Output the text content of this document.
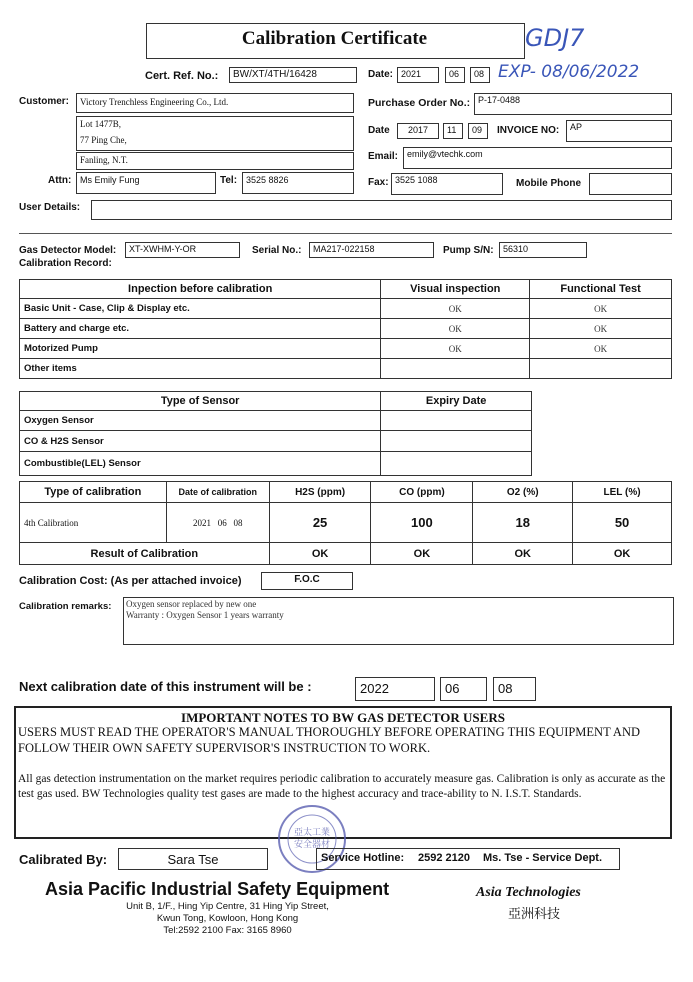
Calibration Certificate	GDJ7
EXP- 08/06/2022
Cert. Ref. No.:	BW/XT/4TH/16428	Date: 2021	06	08
Customer:	Victory Trenchless Engineering Co., Ltd.
Lot 1477B,
77 Ping Che,
Fanling, N.T.
Purchase Order No.: P-17-0488
Date	2017	11	09	INVOICE NO:	AP
Email: emily@vtechk.com
Attn: Ms Emily Fung	Tel: 3525 8826	Fax: 3525 1088	Mobile Phone
User Details:
Gas Detector Model:	XT-XWHM-Y-OR	Serial No.:	MA217-022158	Pump S/N:	56310
Calibration Record:
Inpection before calibration	Visual inspection	Functional Test
Basic Unit - Case, Clip & Display etc.	OK	OK
Battery and charge etc.	OK	OK
Motorized Pump	OK	OK
Other items		
Type of Sensor	Expiry Date
Oxygen Sensor	
CO & H2S Sensor	
Combustible(LEL) Sensor	
Type of calibration	Date of calibration	H2S (ppm)	CO (ppm)	O2 (%)	LEL (%)
4th Calibration	2021   06   08	25	100	18	50
Result of Calibration		OK	OK	OK	OK
Calibration Cost: (As per attached invoice)	F.O.C
Calibration remarks: Oxygen sensor replaced by new one
Warranty : Oxygen Sensor 1 years warranty
Next calibration date of this instrument will be :	2022	06	08
IMPORTANT NOTES TO BW GAS DETECTOR USERS
USERS MUST READ THE OPERATOR'S MANUAL THOROUGHLY BEFORE OPERATING THIS EQUIPMENT AND FOLLOW THEIR OWN SAFETY SUPERVISOR'S INSTRUCTION TO WORK.
All gas detection instrumentation on the market requires periodic calibration to accurately measure gas. Calibration is only as accurate as the test gas used. BW Technologies quality test gases are made to the highest accuracy and trace-ability to N. I.S.T. Standards.
亞太工業
安全器材
Calibrated By:	Sara Tse	Service Hotline: 2592 2120 Ms. Tse - Service Dept.
Asia Pacific Industrial Safety Equipment
Unit B, 1/F., Hing Yip Centre, 31 Hing Yip Street,
Kwun Tong, Kowloon, Hong Kong
Tel:2592 2100 Fax: 3165 8960
Asia Technologies
亞洲科技
